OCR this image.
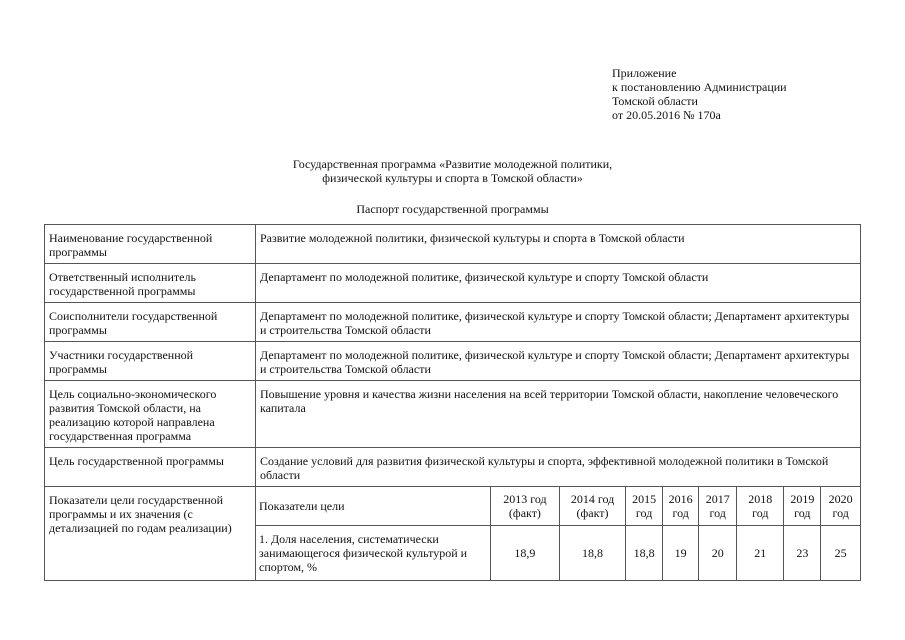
Приложение
к постановлению Администрации
Томской области
от 20.05.2016 № 170а
Государственная программа «Развитие молодежной политики,
физической культуры и спорта в Томской области»
Паспорт государственной программы
Наименование государственной программы	Развитие молодежной политики, физической культуры и спорта в Томской области
Ответственный исполнитель государственной программы	Департамент по молодежной политике, физической культуре и спорту Томской области
Соисполнители государственной программы	Департамент по молодежной политике, физической культуре и спорту Томской области; Департамент архитектуры и строительства Томской области
Участники государственной программы	Департамент по молодежной политике, физической культуре и спорту Томской области; Департамент архитектуры и строительства Томской области
Цель социально-экономического развития Томской области, на реализацию которой направлена государственная программа	Повышение уровня и качества жизни населения на всей территории Томской области, накопление человеческого капитала
Цель государственной программы	Создание условий для развития физической культуры и спорта, эффективной молодежной политики в Томской области
Показатели цели государственной программы и их значения (с детализацией по годам реализации)	
Показатели цели	2013 год (факт)	2014 год (факт)	2015 год	2016 год	2017 год	2018 год	2019 год	2020 год
1. Доля населения, систематически занимающегося физической культурой и спортом, %	18,9	18,8	18,8	19	20	21	23	25
